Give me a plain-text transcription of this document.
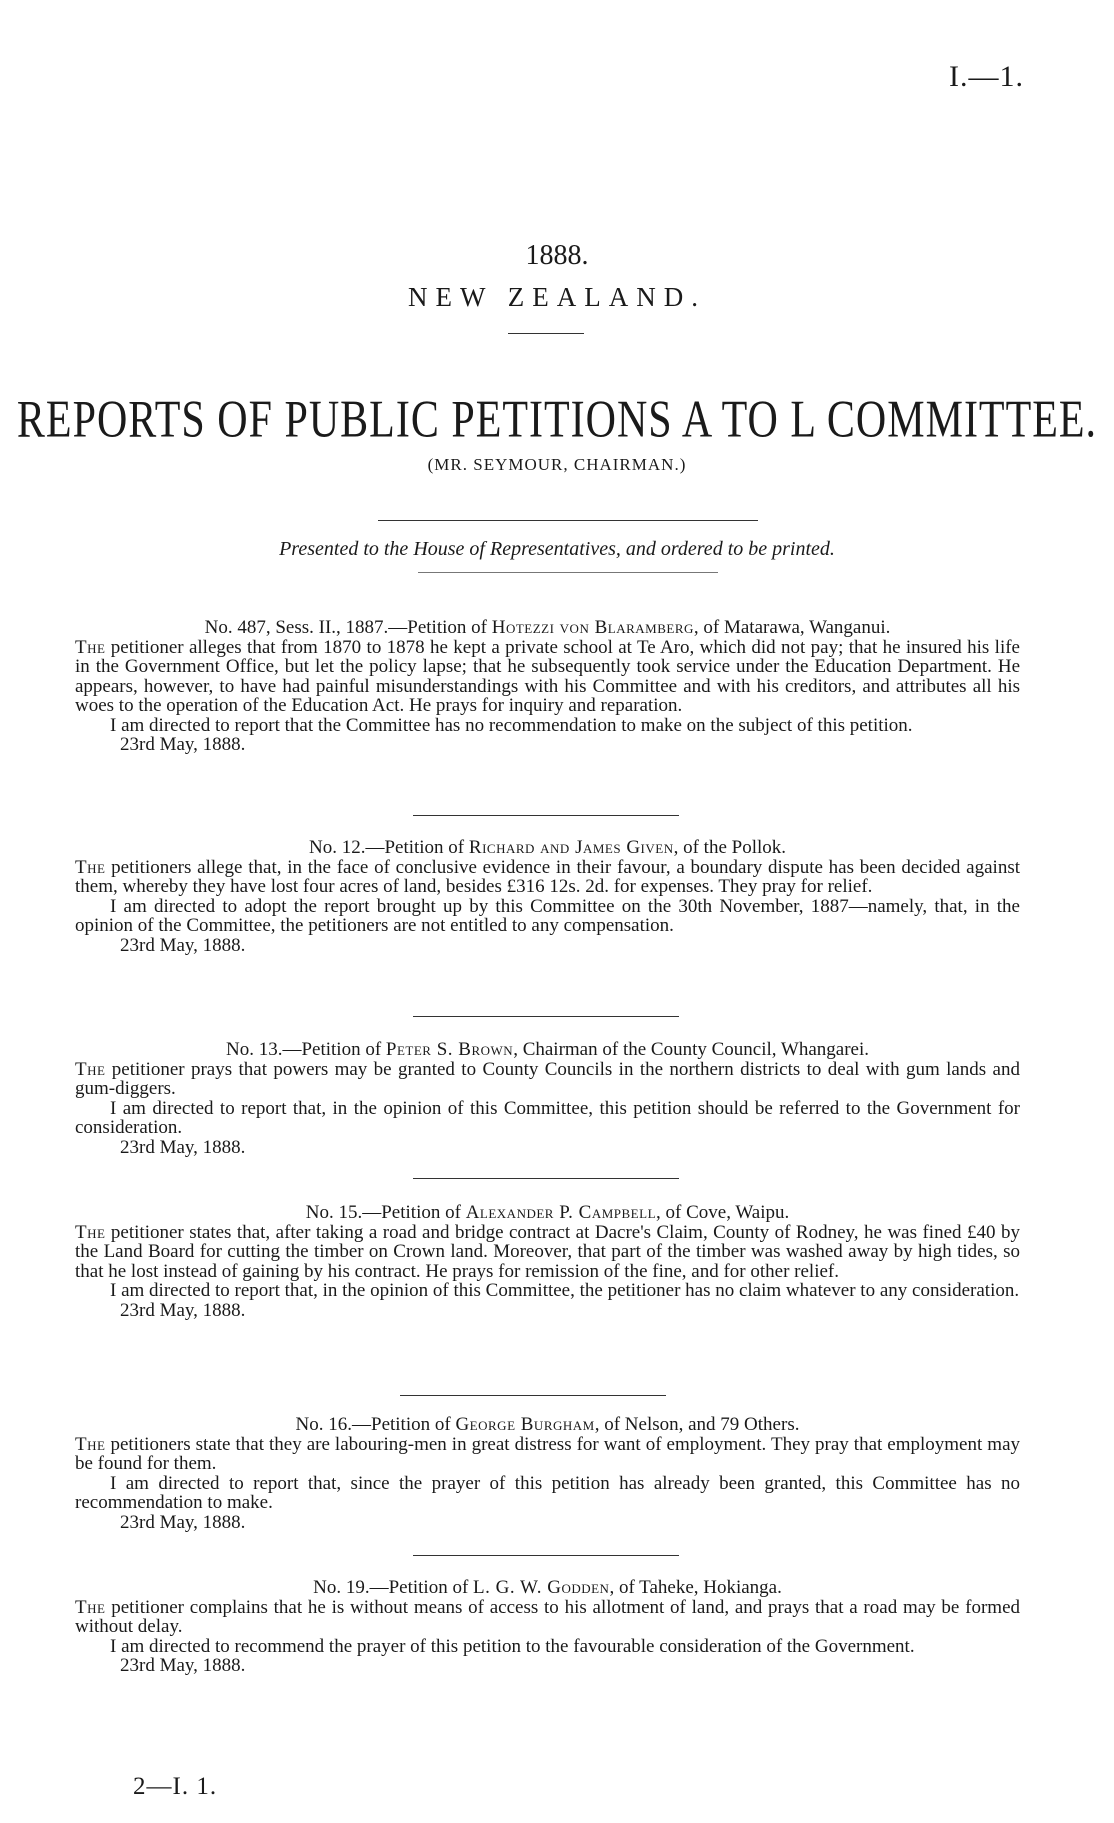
I.—1.
1888.
NEW ZEALAND.
REPORTS OF PUBLIC PETITIONS A TO L COMMITTEE.
(MR. SEYMOUR, CHAIRMAN.)
Presented to the House of Representatives, and ordered to be printed.
No. 487, Sess. II., 1887.—Petition of Hotezzi von Blaramberg, of Matarawa, Wanganui.

The petitioner alleges that from 1870 to 1878 he kept a private school at Te Aro, which did not pay; that he insured his life in the Government Office, but let the policy lapse; that he subsequently took service under the Education Department. He appears, however, to have had painful misunderstandings with his Committee and with his creditors, and attributes all his woes to the operation of the Education Act. He prays for inquiry and reparation.

I am directed to report that the Committee has no recommendation to make on the subject of this petition.

23rd May, 1888.
No. 12.—Petition of Richard and James Given, of the Pollok.

The petitioners allege that, in the face of conclusive evidence in their favour, a boundary dispute has been decided against them, whereby they have lost four acres of land, besides £316 12s. 2d. for expenses. They pray for relief.

I am directed to adopt the report brought up by this Committee on the 30th November, 1887—namely, that, in the opinion of the Committee, the petitioners are not entitled to any compensation.

23rd May, 1888.
No. 13.—Petition of Peter S. Brown, Chairman of the County Council, Whangarei.

The petitioner prays that powers may be granted to County Councils in the northern districts to deal with gum lands and gum-diggers.

I am directed to report that, in the opinion of this Committee, this petition should be referred to the Government for consideration.

23rd May, 1888.
No. 15.—Petition of Alexander P. Campbell, of Cove, Waipu.

The petitioner states that, after taking a road and bridge contract at Dacre's Claim, County of Rodney, he was fined £40 by the Land Board for cutting the timber on Crown land. Moreover, that part of the timber was washed away by high tides, so that he lost instead of gaining by his contract. He prays for remission of the fine, and for other relief.

I am directed to report that, in the opinion of this Committee, the petitioner has no claim whatever to any consideration.

23rd May, 1888.
No. 16.—Petition of George Burgham, of Nelson, and 79 Others.

The petitioners state that they are labouring-men in great distress for want of employment. They pray that employment may be found for them.

I am directed to report that, since the prayer of this petition has already been granted, this Committee has no recommendation to make.

23rd May, 1888.
No. 19.—Petition of L. G. W. Godden, of Taheke, Hokianga.

The petitioner complains that he is without means of access to his allotment of land, and prays that a road may be formed without delay.

I am directed to recommend the prayer of this petition to the favourable consideration of the Government.

23rd May, 1888.
2—I. 1.
